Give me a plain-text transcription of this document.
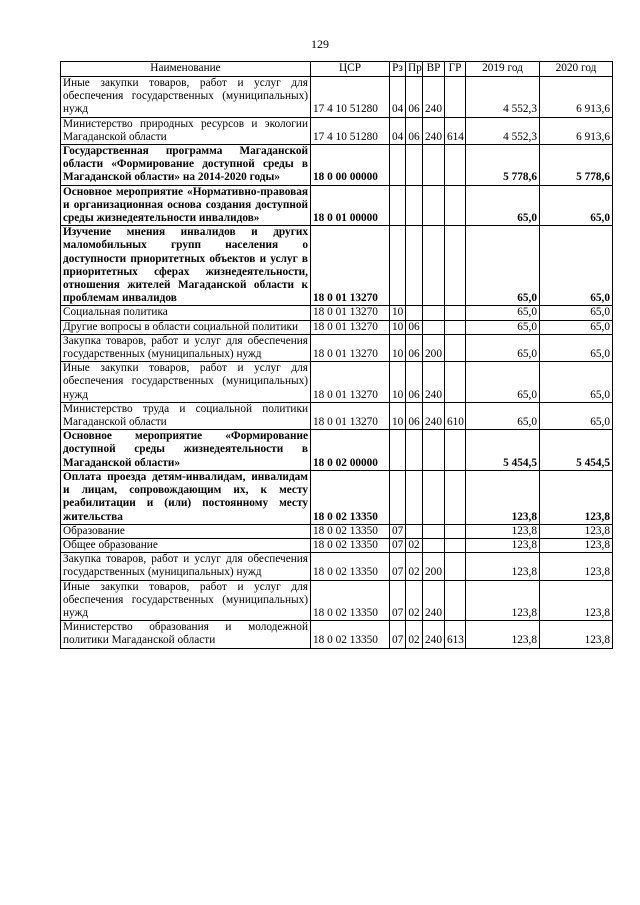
129
Наименование	ЦСР	Рз	Пр	ВР	ГР	2019 год	2020 год
Иные закупки товаров, работ и услуг для обеспечения государственных (муниципальных) нужд	17 4 10 51280	04	06	240		4 552,3	6 913,6
Министерство природных ресурсов и экологии Магаданской области	17 4 10 51280	04	06	240	614	4 552,3	6 913,6
Государственная программа Магаданской области «Формирование доступной среды в Магаданской области» на 2014-2020 годы»	18 0 00 00000					5 778,6	5 778,6
Основное мероприятие «Нормативно-правовая и организационная основа создания доступной среды жизнедеятельности инвалидов»	18 0 01 00000					65,0	65,0
Изучение мнения инвалидов и других маломобильных групп населения о доступности приоритетных объектов и услуг в приоритетных сферах жизнедеятельности, отношения жителей Магаданской области к проблемам инвалидов	18 0 01 13270					65,0	65,0
Социальная политика	18 0 01 13270	10				65,0	65,0
Другие вопросы в области социальной политики	18 0 01 13270	10	06			65,0	65,0
Закупка товаров, работ и услуг для обеспечения государственных (муниципальных) нужд	18 0 01 13270	10	06	200		65,0	65,0
Иные закупки товаров, работ и услуг для обеспечения государственных (муниципальных) нужд	18 0 01 13270	10	06	240		65,0	65,0
Министерство труда и социальной политики Магаданской области	18 0 01 13270	10	06	240	610	65,0	65,0
Основное мероприятие «Формирование доступной среды жизнедеятельности в Магаданской области»	18 0 02 00000					5 454,5	5 454,5
Оплата проезда детям-инвалидам, инвалидам и лицам, сопровождающим их, к месту реабилитации и (или) постоянному месту жительства	18 0 02 13350					123,8	123,8
Образование	18 0 02 13350	07				123,8	123,8
Общее образование	18 0 02 13350	07	02			123,8	123,8
Закупка товаров, работ и услуг для обеспечения государственных (муниципальных) нужд	18 0 02 13350	07	02	200		123,8	123,8
Иные закупки товаров, работ и услуг для обеспечения государственных (муниципальных) нужд	18 0 02 13350	07	02	240		123,8	123,8
Министерство образования и молодежной политики Магаданской области	18 0 02 13350	07	02	240	613	123,8	123,8
